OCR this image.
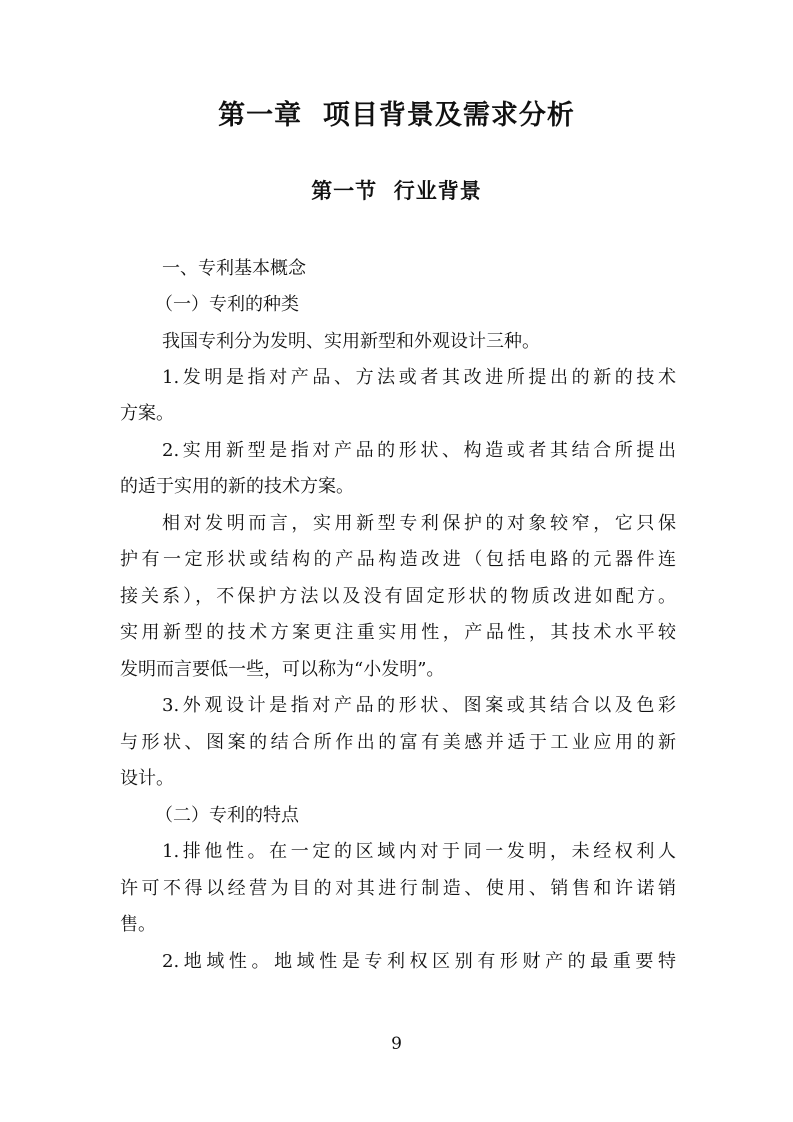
第一章  项目背景及需求分析
第一节  行业背景
一、专利基本概念
（一）专利的种类
我国专利分为发明、实用新型和外观设计三种。
1.发明是指对产品、方法或者其改进所提出的新的技术
方案。
2.实用新型是指对产品的形状、构造或者其结合所提出
的适于实用的新的技术方案。
相对发明而言，实用新型专利保护的对象较窄，它只保
护有一定形状或结构的产品构造改进（包括电路的元器件连
接关系），不保护方法以及没有固定形状的物质改进如配方。
实用新型的技术方案更注重实用性，产品性，其技术水平较
发明而言要低一些，可以称为“小发明”。
3.外观设计是指对产品的形状、图案或其结合以及色彩
与形状、图案的结合所作出的富有美感并适于工业应用的新
设计。
（二）专利的特点
1.排他性。在一定的区域内对于同一发明，未经权利人
许可不得以经营为目的对其进行制造、使用、销售和许诺销
售。
2.地域性。地域性是专利权区别有形财产的最重要特
9
